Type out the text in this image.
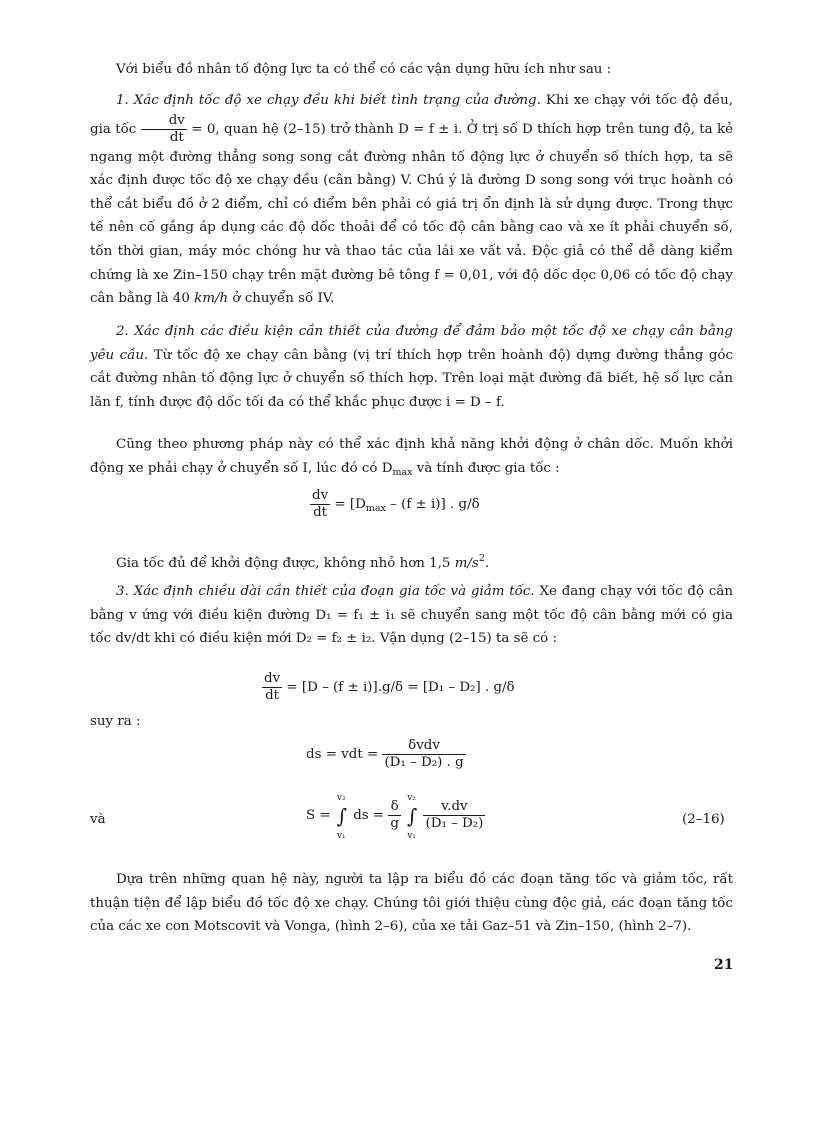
Với biểu đồ nhân tố động lực ta có thể có các vận dụng hữu ích như sau :

1. Xác định tốc độ xe chạy đều khi biết tình trạng của đường. Khi xe chạy với tốc độ đều, gia tốc $\frac{dv}{dt} = 0$, quan hệ (2–15) trở thành D = f ± i. Ở trị số D thích hợp trên tung độ, ta kẻ ngang một đường thẳng song song cắt đường nhân tố động lực ở chuyển số thích hợp, ta sẽ xác định được tốc độ xe chạy đều (cân bằng) V. Chú ý là đường D song song với trục hoành có thể cắt biểu đồ ở 2 điểm, chỉ có điểm bên phải có giá trị ổn định là sử dụng được. Trong thực tế nên cố gắng áp dụng các độ dốc thoải để có tốc độ cân bằng cao và xe ít phải chuyển số, tốn thời gian, máy móc chóng hư và thao tác của lái xe vất vả. Độc giả có thể dễ dàng kiểm chứng là xe Zin–150 chạy trên mặt đường bê tông f = 0,01, với độ dốc dọc 0,06 có tốc độ chạy cân bằng là 40 km/h ở chuyển số IV.

2. Xác định các điều kiện cần thiết của đường để đảm bảo một tốc độ xe chạy cân bằng yêu cầu. Từ tốc độ xe chạy cân bằng (vị trí thích hợp trên hoành độ) dựng đường thẳng góc cắt đường nhân tố động lực ở chuyển số thích hợp. Trên loại mặt đường đã biết, hệ số lực cản lăn f, tính được độ dốc tối đa có thể khắc phục được i = D – f.

Cũng theo phương pháp này có thể xác định khả năng khởi động ở chân dốc. Muốn khởi động xe phải chạy ở chuyển số I, lúc đó có $D_{max}$ và tính được gia tốc :

$\frac{dv}{dt} = [D_{max} - (f \pm i)]$ . g/δ

Gia tốc đủ để khởi động được, không nhỏ hơn 1,5 $m/s^2$.

3. Xác định chiều dài cần thiết của đoạn gia tốc và giảm tốc. Xe đang chạy với tốc độ cân bằng v ứng với điều kiện đường D₁ = f₁ ± i₁ sẽ chuyển sang một tốc độ cân bằng mới có gia tốc dv/dt khi có điều kiện mới D₂ = f₂ ± i₂. Vận dụng (2–15) ta sẽ có :

$\frac{dv}{dt} = [D - (f \pm i)].g/\delta = [D_1 - D_2]$ . g/δ
suy ra :
ds = vdt = $\frac{\text{δvdv}}{\text{(D₁ – D₂) . g}}$
và	S = ∫
v₂
v₁
ds = $\frac{\delta}{g}$ ∫
v₂
v₁

$\frac{v.dv}{\text{(D₁ – D₂)}}$	(2–16)

Dựa trên những quan hệ này, người ta lập ra biểu đồ các đoạn tăng tốc và giảm tốc, rất thuận tiện để lập biểu đồ tốc độ xe chạy. Chúng tôi giới thiệu cùng độc giả, các đoạn tăng tốc của các xe con Motscovit và Vonga, (hình 2–6), của xe tải Gaz–51 và Zin–150, (hình 2–7).

21
